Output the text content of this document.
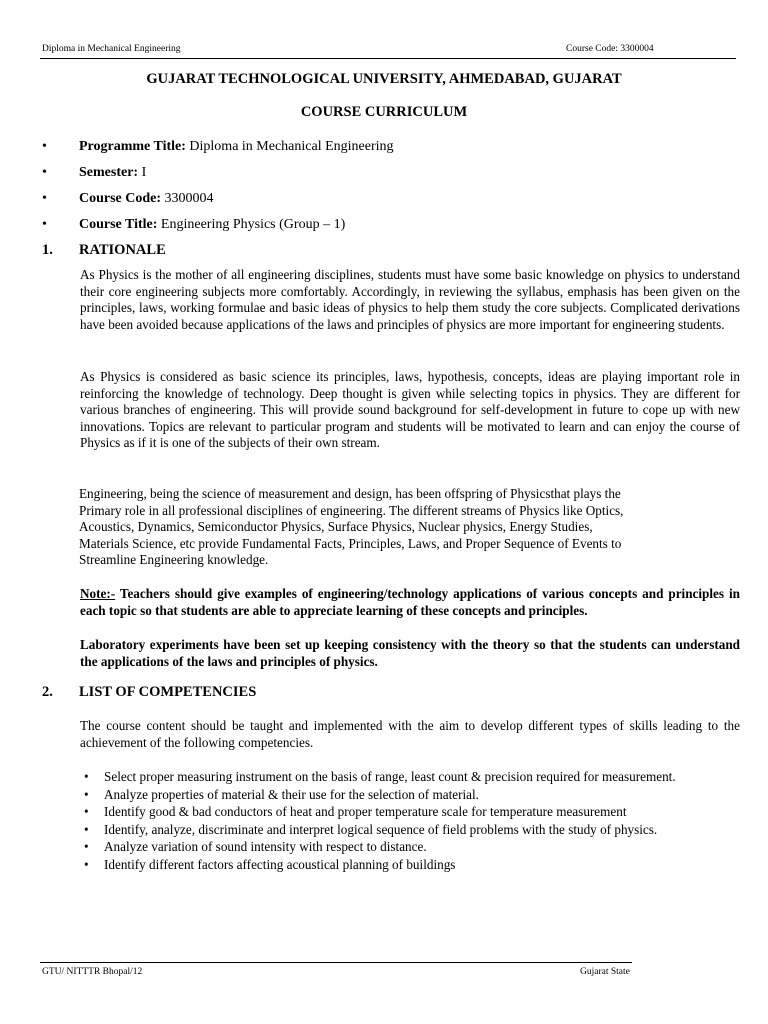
Diploma in Mechanical Engineering	Course Code: 3300004
GUJARAT TECHNOLOGICAL UNIVERSITY, AHMEDABAD, GUJARAT
COURSE CURRICULUM
• Programme Title: Diploma in Mechanical Engineering
• Semester: I
• Course Code: 3300004
• Course Title: Engineering Physics (Group – 1)
1. RATIONALE
As Physics is the mother of all engineering disciplines, students must have some basic knowledge on physics to understand their core engineering subjects more comfortably. Accordingly, in reviewing the syllabus, emphasis has been given on the principles, laws, working formulae and basic ideas of physics to help them study the core subjects. Complicated derivations have been avoided because applications of the laws and principles of physics are more important for engineering students.
As Physics is considered as basic science its principles, laws, hypothesis, concepts, ideas are playing important role in reinforcing the knowledge of technology. Deep thought is given while selecting topics in physics. They are different for various branches of engineering. This will provide sound background for self-development in future to cope up with new innovations. Topics are relevant to particular program and students will be motivated to learn and can enjoy the course of Physics as if it is one of the subjects of their own stream.
Engineering, being the science of measurement and design, has been offspring of Physicsthat plays the
Primary role in all professional disciplines of engineering. The different streams of Physics like Optics,
Acoustics, Dynamics, Semiconductor Physics, Surface Physics, Nuclear physics, Energy Studies,
Materials Science, etc provide Fundamental Facts, Principles, Laws, and Proper Sequence of Events to
Streamline Engineering knowledge.
Note:- Teachers should give examples of engineering/technology applications of various concepts and principles in each topic so that students are able to appreciate learning of these concepts and principles.
Laboratory experiments have been set up keeping consistency with the theory so that the students can understand the applications of the laws and principles of physics.
2. LIST OF COMPETENCIES
The course content should be taught and implemented with the aim to develop different types of skills leading to the achievement of the following competencies.
• Select proper measuring instrument on the basis of range, least count & precision required for measurement.
• Analyze properties of material & their use for the selection of material.
• Identify good & bad conductors of heat and proper temperature scale for temperature measurement
• Identify, analyze, discriminate and interpret logical sequence of field problems with the study of physics.
• Analyze variation of sound intensity with respect to distance.
• Identify different factors affecting acoustical planning of buildings
GTU/ NITTTR Bhopal/12	Gujarat State
